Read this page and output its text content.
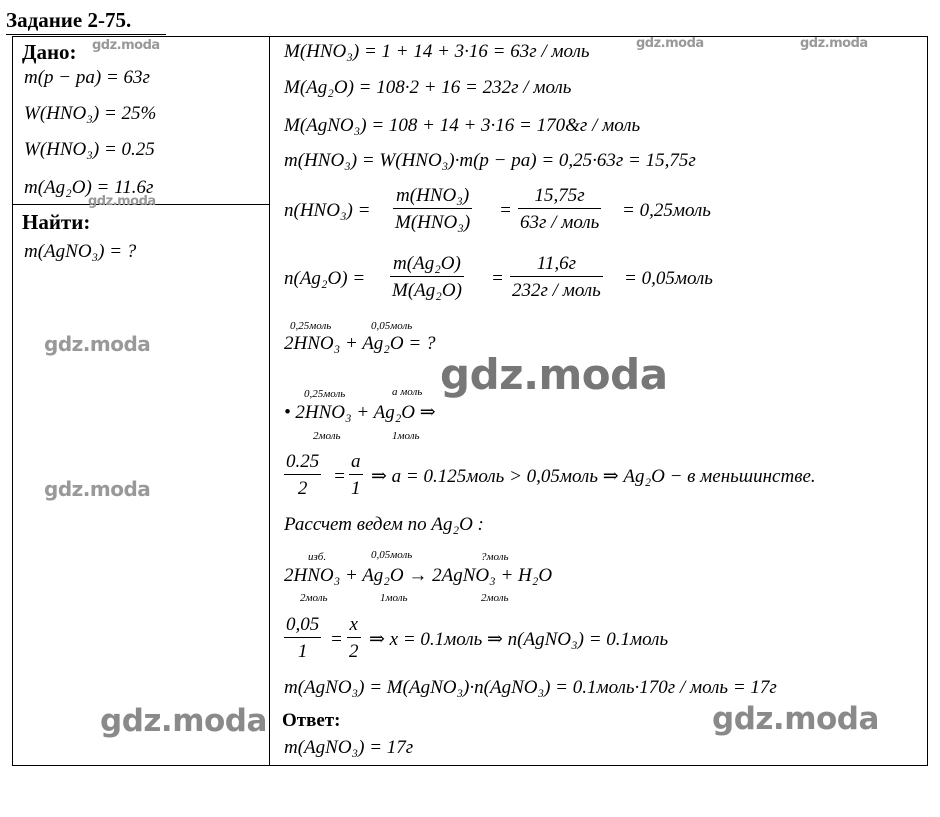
Задание 2-75.
Дано:
m(р − ра) = 63г
W(HNO₃) = 25%
W(HNO₃) = 0.25
m(Ag₂O) = 11.6г
Найти:
m(AgNO₃) = ?
M(HNO₃) = 1 + 14 + 3·16 = 63г / моль
M(Ag₂O) = 108·2 + 16 = 232г / моль
M(AgNO₃) = 108 + 14 + 3·16 = 170&г / моль
m(HNO₃) = W(HNO₃)·m(р − ра) = 0,25·63г = 15,75г
n(HNO₃) =
m(HNO₃)
M(HNO₃)
=
15,75г
63г / моль
= 0,25моль
$n(Ag_2O) = \frac{\text{m(Ag₂O)}}{\text{M(Ag₂O)}}$ =
11,6г
232г / моль
= 0,05моль
0,25моль	0,05моль
2HNO₃ + Ag₂O = ?
0,25моль	а моль
• 2HNO₃ + Ag₂O ⇒
2моль	1моль
$\frac{0.25}{2} = \frac{a}{1}$ ⇒ a = 0.125моль > 0,05моль ⇒ Ag₂O − в меньшинстве.
Рассчет ведем по Ag₂O :
изб.	0,05моль	?моль
2HNO₃ + Ag₂O → 2AgNO₃ + H₂O
2моль	1моль	2моль
$\frac{0,05}{1} = \frac{x}{2}$ ⇒ x = 0.1моль ⇒ n(AgNO₃) = 0.1моль
m(AgNO₃) = M(AgNO₃)·n(AgNO₃) = 0.1моль·170г / моль = 17г
Ответ:
m(AgNO₃) = 17г
gdz.moda
gdz.moda
gdz.moda	gdz.moda
gdz.moda
gdz.moda
gdz.moda
gdz.moda	gdz.moda
